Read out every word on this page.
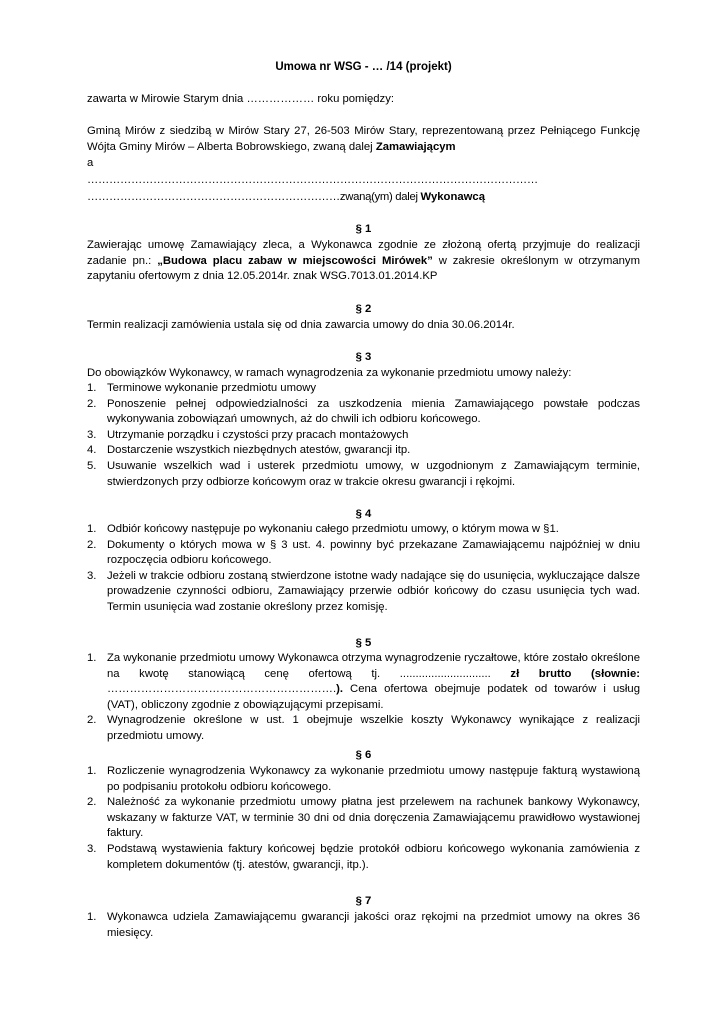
Umowa nr WSG - … /14 (projekt)
zawarta w Mirowie Starym dnia ……………… roku pomiędzy:
Gminą Mirów z siedzibą w Mirów Stary 27, 26-503 Mirów Stary, reprezentowaną przez Pełniącego Funkcję Wójta Gminy Mirów – Alberta Bobrowskiego, zwaną dalej Zamawiającym
a
……………………………………………………………………………………………………………
……………………………………………………………zwaną(ym) dalej Wykonawcą
§ 1
Zawierając umowę Zamawiający zleca, a Wykonawca zgodnie ze złożoną ofertą przyjmuje do realizacji zadanie pn.: „Budowa placu zabaw w miejscowości Mirówek” w zakresie określonym w otrzymanym zapytaniu ofertowym z dnia 12.05.2014r. znak WSG.7013.01.2014.KP
§ 2
Termin realizacji zamówienia ustala się od dnia zawarcia umowy do dnia 30.06.2014r.
§ 3
Do obowiązków Wykonawcy, w ramach wynagrodzenia za wykonanie przedmiotu umowy należy:
1. Terminowe wykonanie przedmiotu umowy
2. Ponoszenie pełnej odpowiedzialności za uszkodzenia mienia Zamawiającego powstałe podczas wykonywania zobowiązań umownych, aż do chwili ich odbioru końcowego.
3. Utrzymanie porządku i czystości przy pracach montażowych
4. Dostarczenie wszystkich niezbędnych atestów, gwarancji itp.
5. Usuwanie wszelkich wad i usterek przedmiotu umowy, w uzgodnionym z Zamawiającym terminie, stwierdzonych przy odbiorze końcowym oraz w trakcie okresu gwarancji i rękojmi.
§ 4
1. Odbiór końcowy następuje po wykonaniu całego przedmiotu umowy, o którym mowa w §1.
2. Dokumenty o których mowa w § 3 ust. 4. powinny być przekazane Zamawiającemu najpóźniej w dniu rozpoczęcia odbioru końcowego.
3. Jeżeli w trakcie odbioru zostaną stwierdzone istotne wady nadające się do usunięcia, wykluczające dalsze prowadzenie czynności odbioru, Zamawiający przerwie odbiór końcowy do czasu usunięcia tych wad. Termin usunięcia wad zostanie określony przez komisję.
§ 5
1. Za wykonanie przedmiotu umowy Wykonawca otrzyma wynagrodzenie ryczałtowe, które zostało określone na kwotę stanowiącą cenę ofertową tj. ............................. zł brutto (słownie: …………………………………………………….). Cena ofertowa obejmuje podatek od towarów i usług (VAT), obliczony zgodnie z obowiązującymi przepisami.
2. Wynagrodzenie określone w ust. 1 obejmuje wszelkie koszty Wykonawcy wynikające z realizacji przedmiotu umowy.
§ 6
1. Rozliczenie wynagrodzenia Wykonawcy za wykonanie przedmiotu umowy następuje fakturą wystawioną po podpisaniu protokołu odbioru końcowego.
2. Należność za wykonanie przedmiotu umowy płatna jest przelewem na rachunek bankowy Wykonawcy, wskazany w fakturze VAT, w terminie 30 dni od dnia doręczenia Zamawiającemu prawidłowo wystawionej faktury.
3. Podstawą wystawienia faktury końcowej będzie protokół odbioru końcowego wykonania zamówienia z kompletem dokumentów (tj. atestów, gwarancji, itp.).
§ 7
1. Wykonawca udziela Zamawiającemu gwarancji jakości oraz rękojmi na przedmiot umowy na okres 36 miesięcy.
